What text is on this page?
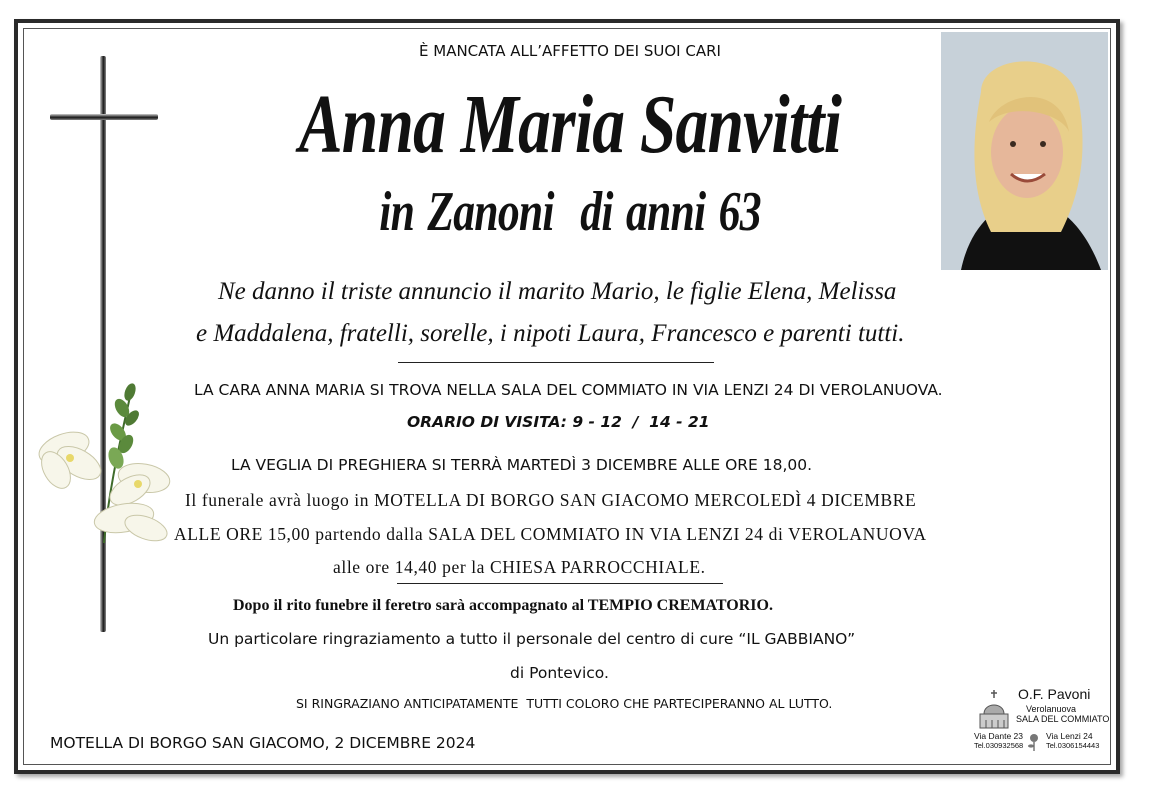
È MANCATA ALL’AFFETTO DEI SUOI CARI
Anna Maria Sanvitti
in Zanoni di anni 63
Ne danno il triste annuncio il marito Mario, le figlie Elena, Melissa
e Maddalena, fratelli, sorelle, i nipoti Laura, Francesco e parenti tutti.
LA CARA ANNA MARIA SI TROVA NELLA SALA DEL COMMIATO IN VIA LENZI 24 DI VEROLANUOVA.
ORARIO DI VISITA: 9 - 12  /  14 - 21
LA VEGLIA DI PREGHIERA SI TERRÀ MARTEDÌ 3 DICEMBRE ALLE ORE 18,00.
Il funerale avrà luogo in MOTELLA DI BORGO SAN GIACOMO MERCOLEDÌ 4 DICEMBRE
ALLE ORE 15,00 partendo dalla SALA DEL COMMIATO IN VIA LENZI 24 di VEROLANUOVA
alle ore 14,40 per la CHIESA PARROCCHIALE.
Dopo il rito funebre il feretro sarà accompagnato al TEMPIO CREMATORIO.
Un particolare ringraziamento a tutto il personale del centro di cure “IL GABBIANO”
di Pontevico.
SI RINGRAZIANO ANTICIPATAMENTE  TUTTI COLORO CHE PARTECIPERANNO AL LUTTO.
MOTELLA DI BORGO SAN GIACOMO, 2 DICEMBRE 2024
O.F. Pavoni
Verolanuova
SALA DEL COMMIATO
Via Dante 23
Tel.030932568
Via Lenzi 24
Tel.0306154443
